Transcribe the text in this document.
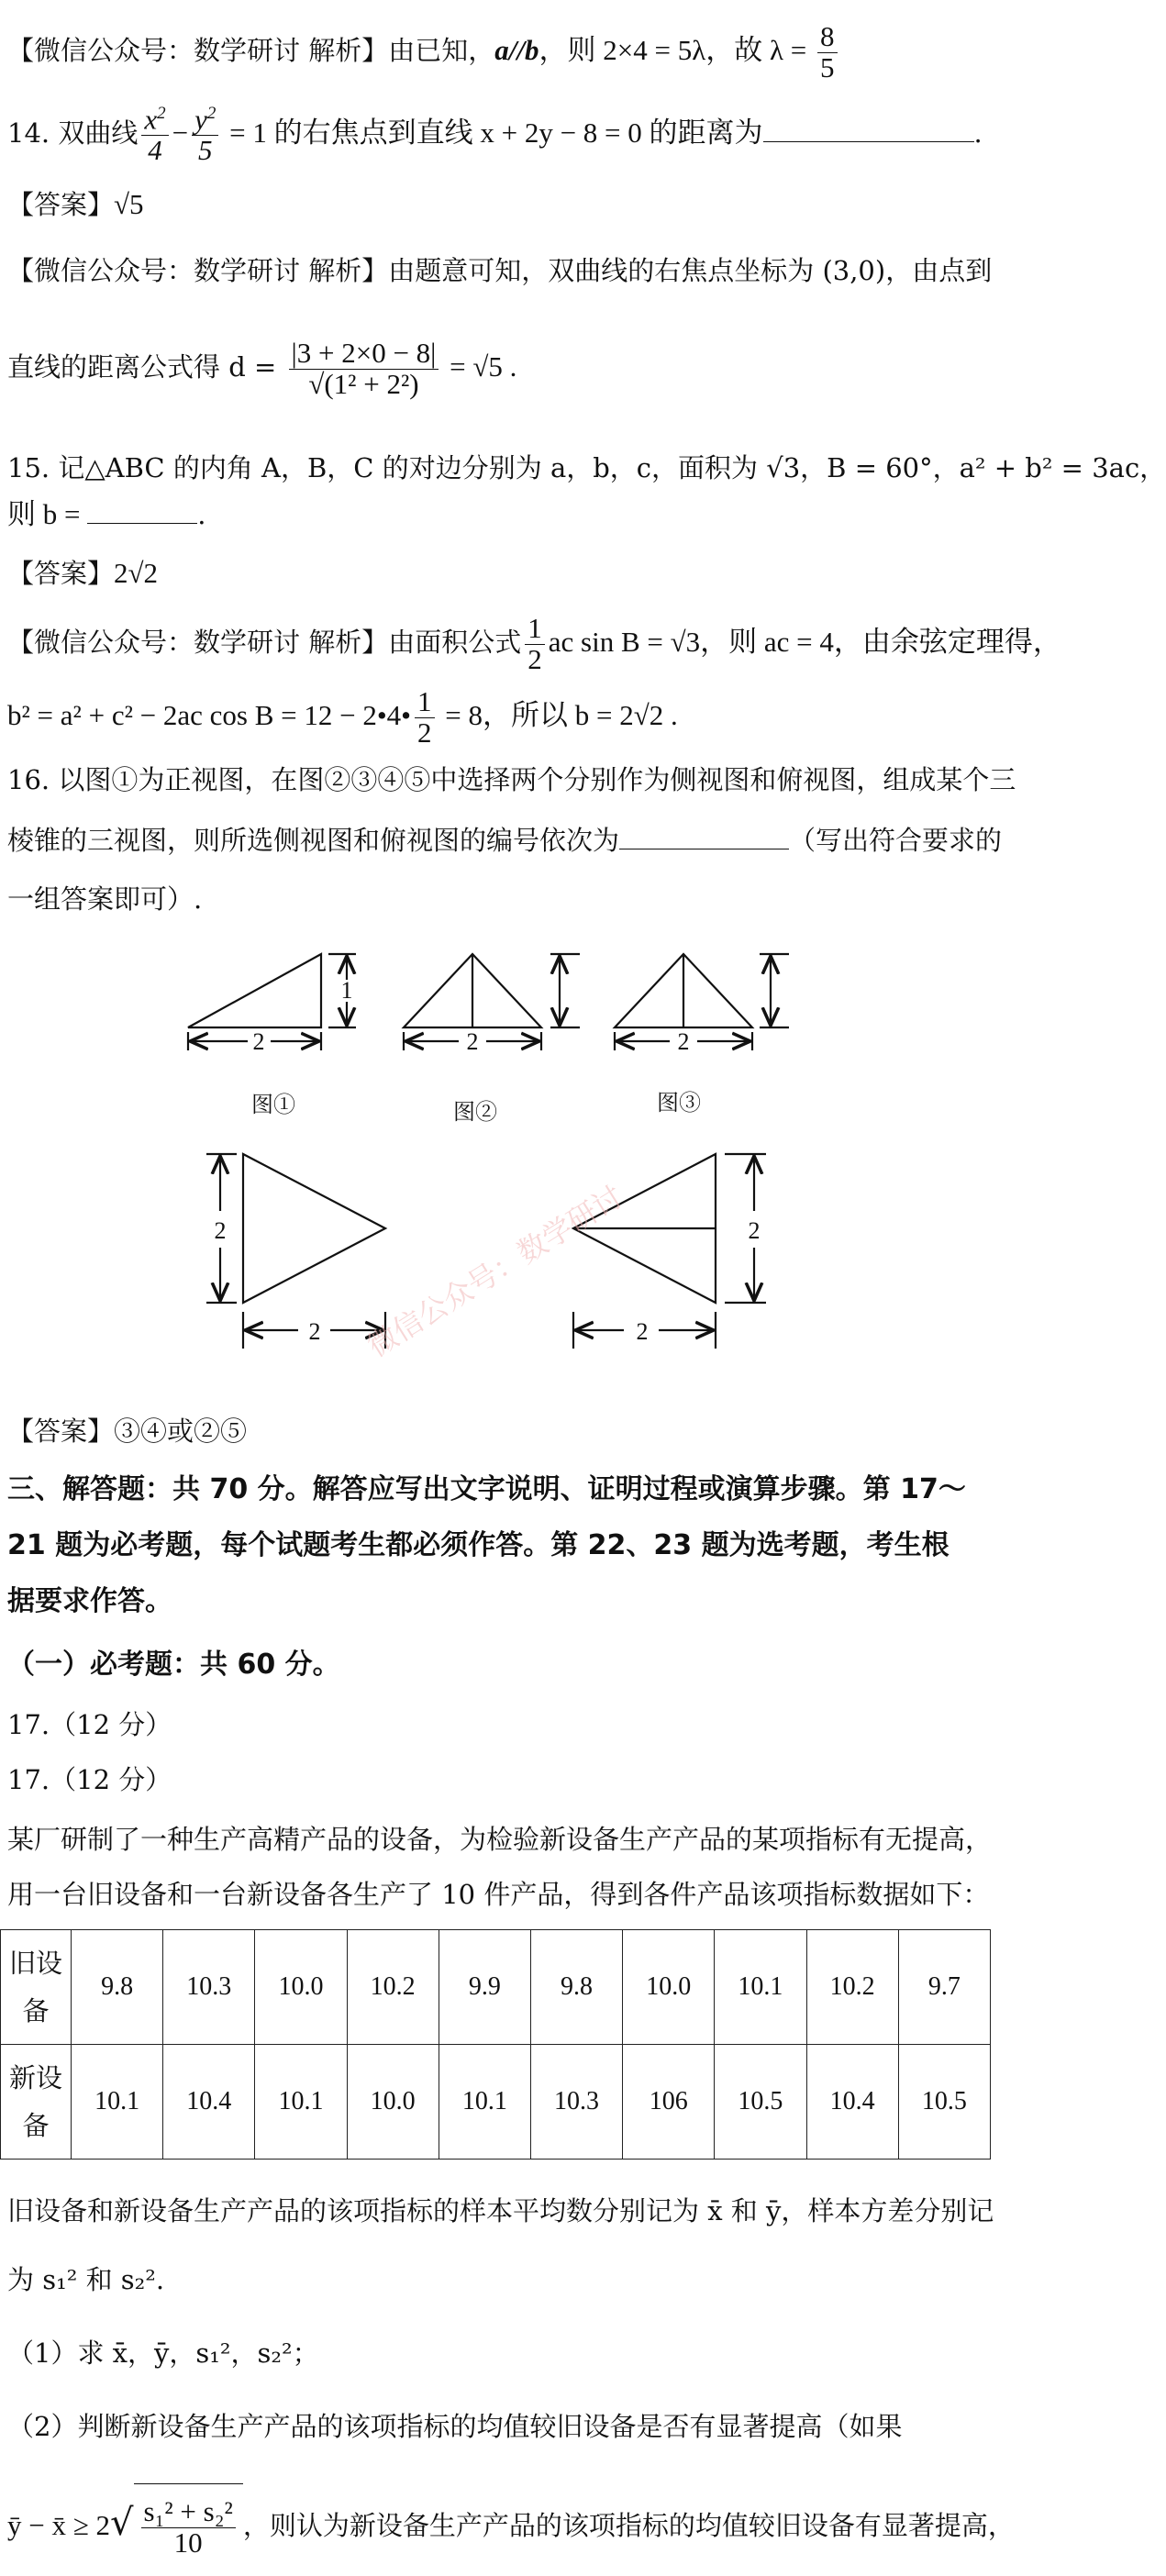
【微信公众号：数学研讨 解析】由已知，a//b，则 2×4 = 5λ，故 $\lambda = \frac{8}{5}$
14. 双曲线 $\frac{x^2}{4} - \frac{y^2}{5} = 1$ 的右焦点到直线 x + 2y − 8 = 0 的距离为	.
【答案】√5
【微信公众号：数学研讨 解析】由题意可知，双曲线的右焦点坐标为 (3,0)，由点到
直线的距离公式得 $d = \frac{|3 + 2\times 0 - 8|}{\text{√(1² + 2²)}} = √5$ .
15. 记△ABC 的内角 A，B，C 的对边分别为 a，b，c，面积为 √3，B = 60°，a² + b² = 3ac，
则 b =	.
【答案】2√2
【微信公众号：数学研讨 解析】由面积公式 $\frac{1}{2}$ ac sin B = √3，则 ac = 4，由余弦定理得，
b² = a² + c² − 2ac cos B = 12 − 2•4• $\frac{1}{2} = 8$，所以 b = 2√2 .
16. 以图①为正视图，在图②③④⑤中选择两个分别作为侧视图和俯视图，组成某个三
棱锥的三视图，则所选侧视图和俯视图的编号依次为	（写出符合要求的
一组答案即可）.
2
1
2	2
2
2
2
2
图①	图②	图③
微信公众号：数学研讨
【答案】③④或②⑤
三、解答题：共 70 分。解答应写出文字说明、证明过程或演算步骤。第 17～
21 题为必考题，每个试题考生都必须作答。第 22、23 题为选考题，考生根
据要求作答。
（一）必考题：共 60 分。
17.（12 分）
17.（12 分）
某厂研制了一种生产高精产品的设备，为检验新设备生产产品的某项指标有无提高，
用一台旧设备和一台新设备各生产了 10 件产品，得到各件产品该项指标数据如下：
旧设
备	9.8	10.3	10.0	10.2	9.9	9.8	10.0	10.1	10.2	9.7
新设
备	10.1	10.4	10.1	10.0	10.1	10.3	106	10.5	10.4	10.5
旧设备和新设备生产产品的该项指标的样本平均数分别记为 x̄ 和 ȳ，样本方差分别记
为 s₁² 和 s₂².
（1）求 x̄，ȳ，s₁²，s₂²；
（2）判断新设备生产产品的该项指标的均值较旧设备是否有显著提高（如果
ȳ − x̄ ≥ $2√ \frac{\text{s₁² + s₂²}}{10}$ ，则认为新设备生产产品的该项指标的均值较旧设备有显著提高，
